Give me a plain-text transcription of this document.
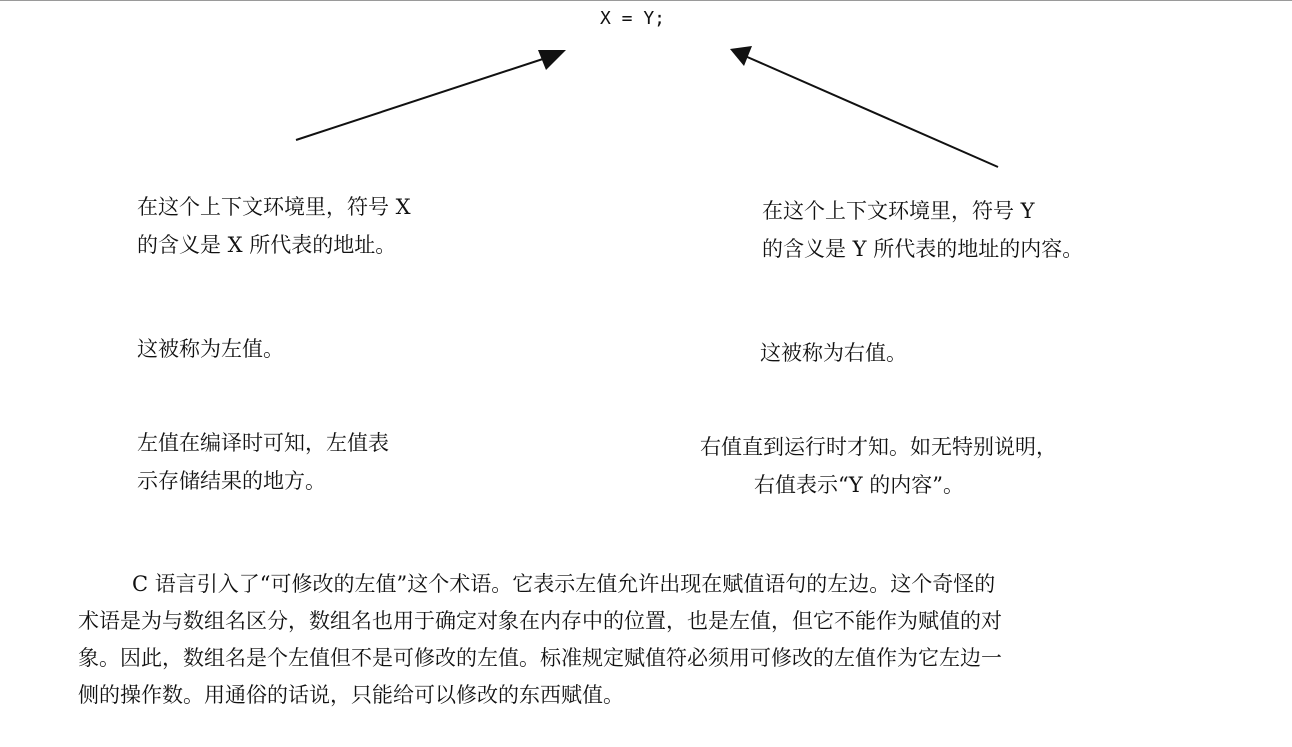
X = Y;
在这个上下文环境里，符号 X
的含义是 X 所代表的地址。
这被称为左值。
左值在编译时可知，左值表
示存储结果的地方。
在这个上下文环境里，符号 Y
的含义是 Y 所代表的地址的内容。
这被称为右值。
右值直到运行时才知。如无特别说明，
右值表示“Y 的内容”。
C 语言引入了“可修改的左值”这个术语。它表示左值允许出现在赋值语句的左边。这个奇怪的
术语是为与数组名区分，数组名也用于确定对象在内存中的位置，也是左值，但它不能作为赋值的对
象。因此，数组名是个左值但不是可修改的左值。标准规定赋值符必须用可修改的左值作为它左边一
侧的操作数。用通俗的话说，只能给可以修改的东西赋值。
